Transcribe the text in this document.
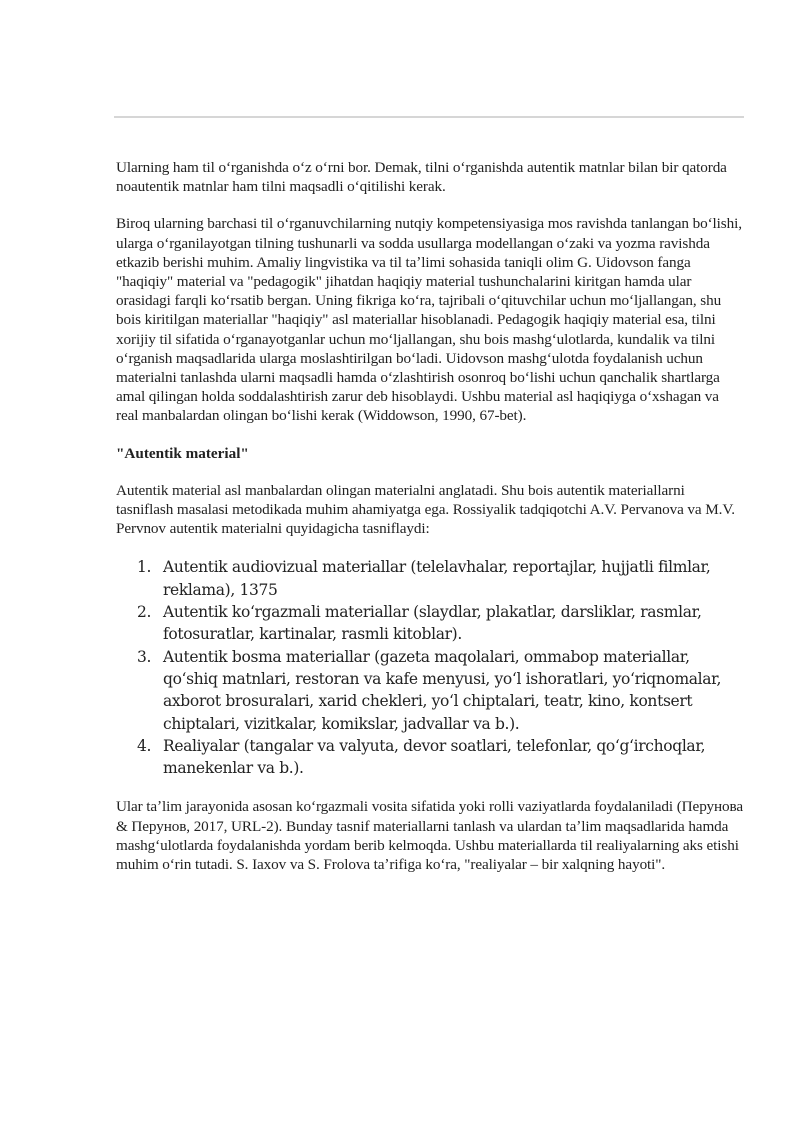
Ularning ham til oʻrganishda oʻz oʻrni bor. Demak, tilni oʻrganishda autentik matnlar bilan bir qatorda noautentik matnlar ham tilni maqsadli oʻqitilishi kerak.

Biroq ularning barchasi til oʻrganuvchilarning nutqiy kompetensiyasiga mos ravishda tanlangan boʻlishi, ularga oʻrganilayotgan tilning tushunarli va sodda usullarga modellangan oʻzaki va yozma ravishda etkazib berishi muhim. Amaliy lingvistika va til taʼlimi sohasida taniqli olim G. Uidovson fanga "haqiqiy" material va "pedagogik" jihatdan haqiqiy material tushunchalarini kiritgan hamda ular orasidagi farqli koʻrsatib bergan. Uning fikriga koʻra, tajribali oʻqituvchilar uchun moʻljallangan, shu bois kiritilgan materiallar "haqiqiy" asl materiallar hisoblanadi. Pedagogik haqiqiy material esa, tilni xorijiy til sifatida oʻrganayotganlar uchun moʻljallangan, shu bois mashgʻulotlarda, kundalik va tilni oʻrganish maqsadlarida ularga moslashtirilgan boʻladi. Uidovson mashgʻulotda foydalanish uchun materialni tanlashda ularni maqsadli hamda oʻzlashtirish osonroq boʻlishi uchun qanchalik shartlarga amal qilingan holda soddalashtirish zarur deb hisoblaydi. Ushbu material asl haqiqiyga oʻxshagan va real manbalardan olingan boʻlishi kerak (Widdowson, 1990, 67-bet).

"Autentik material"

Autentik material asl manbalardan olingan materialni anglatadi. Shu bois autentik materiallarni tasniflash masalasi metodikada muhim ahamiyatga ega. Rossiyalik tadqiqotchi A.V. Pervanova va M.V. Pervnov autentik materialni quyidagicha tasniflaydi:

1. Autentik audiovizual materiallar (telelavhalar, reportajlar, hujjatli filmlar, reklama), 1375
2. Autentik koʻrgazmali materiallar (slaydlar, plakatlar, darsliklar, rasmlar, fotosuratlar, kartinalar, rasmli kitoblar).
3. Autentik bosma materiallar (gazeta maqolalari, ommabop materiallar, qoʻshiq matnlari, restoran va kafe menyusi, yoʻl ishoratlari, yoʻriqnomalar, axborot brosuralari, xarid chekleri, yoʻl chiptalari, teatr, kino, kontsert chiptalari, vizitkalar, komikslar, jadvallar va b.).
4. Realiyalar (tangalar va valyuta, devor soatlari, telefonlar, qoʻgʻirchoqlar, manekenlar va b.).

Ular taʼlim jarayonida asosan koʻrgazmali vosita sifatida yoki rolli vaziyatlarda foydalaniladi (Перунова & Перунов, 2017, URL-2). Bunday tasnif materiallarni tanlash va ulardan taʼlim maqsadlarida hamda mashgʻulotlarda foydalanishda yordam berib kelmoqda. Ushbu materiallarda til realiyalarning aks etishi muhim oʻrin tutadi. S. Iaxov va S. Frolova taʼrifiga koʻra, "realiyalar – bir xalqning hayoti".
